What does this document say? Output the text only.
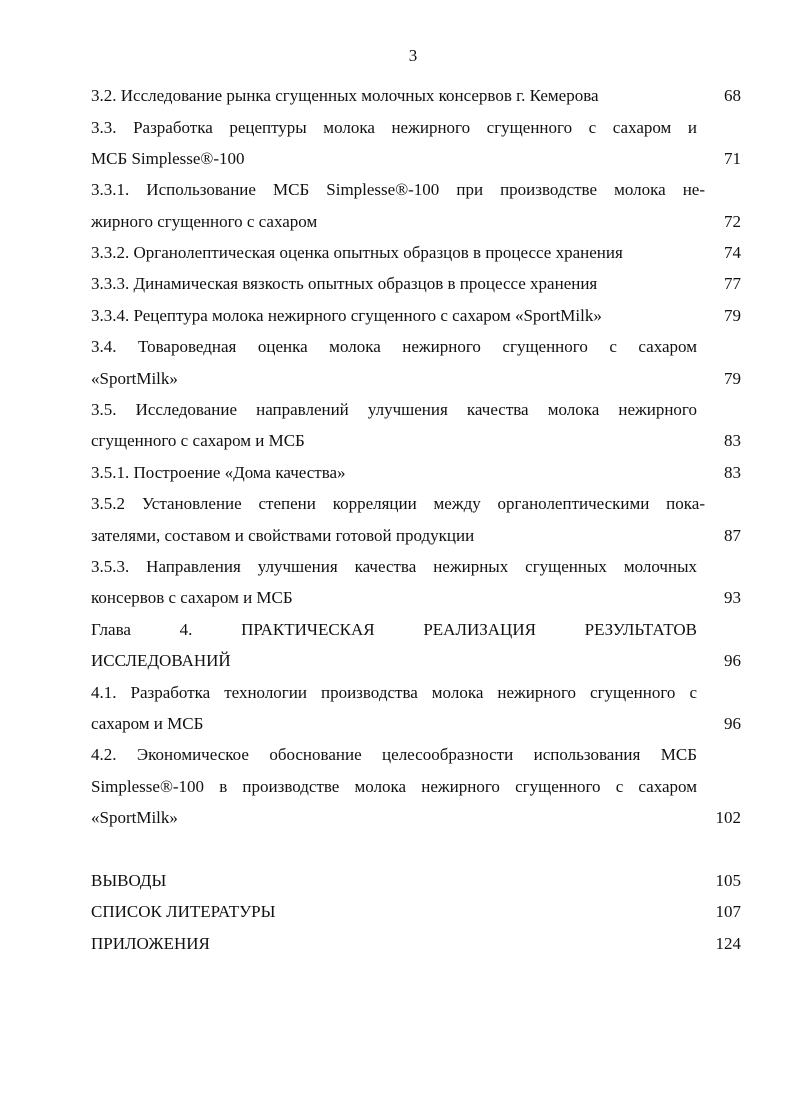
3
3.2. Исследование рынка сгущенных молочных консервов г. Кемерова	68
3.3. Разработка рецептуры молока нежирного сгущенного с сахаром и
МСБ Simplesse®-100	71
3.3.1. Использование МСБ Simplesse®-100 при производстве молока не-
жирного сгущенного с сахаром	72
3.3.2. Органолептическая оценка опытных образцов в процессе хранения	74
3.3.3. Динамическая вязкость опытных образцов в процессе хранения	77
3.3.4. Рецептура молока нежирного сгущенного с сахаром «SportMilk»	79
3.4. Товароведная оценка молока нежирного сгущенного с сахаром
«SportMilk»	79
3.5. Исследование направлений улучшения качества молока нежирного
сгущенного с сахаром и МСБ	83
3.5.1. Построение «Дома качества»	83
3.5.2 Установление степени корреляции между органолептическими пока-
зателями, составом и свойствами готовой продукции	87
3.5.3. Направления улучшения качества нежирных сгущенных молочных
консервов с сахаром и МСБ	93
Глава 4. ПРАКТИЧЕСКАЯ РЕАЛИЗАЦИЯ РЕЗУЛЬТАТОВ
ИССЛЕДОВАНИЙ	96
4.1. Разработка технологии производства молока нежирного сгущенного с
сахаром и МСБ	96
4.2. Экономическое обоснование целесообразности использования МСБ
Simplesse®-100 в производстве молока нежирного сгущенного с сахаром
«SportMilk»	102
ВЫВОДЫ	105
СПИСОК ЛИТЕРАТУРЫ	107
ПРИЛОЖЕНИЯ	124
